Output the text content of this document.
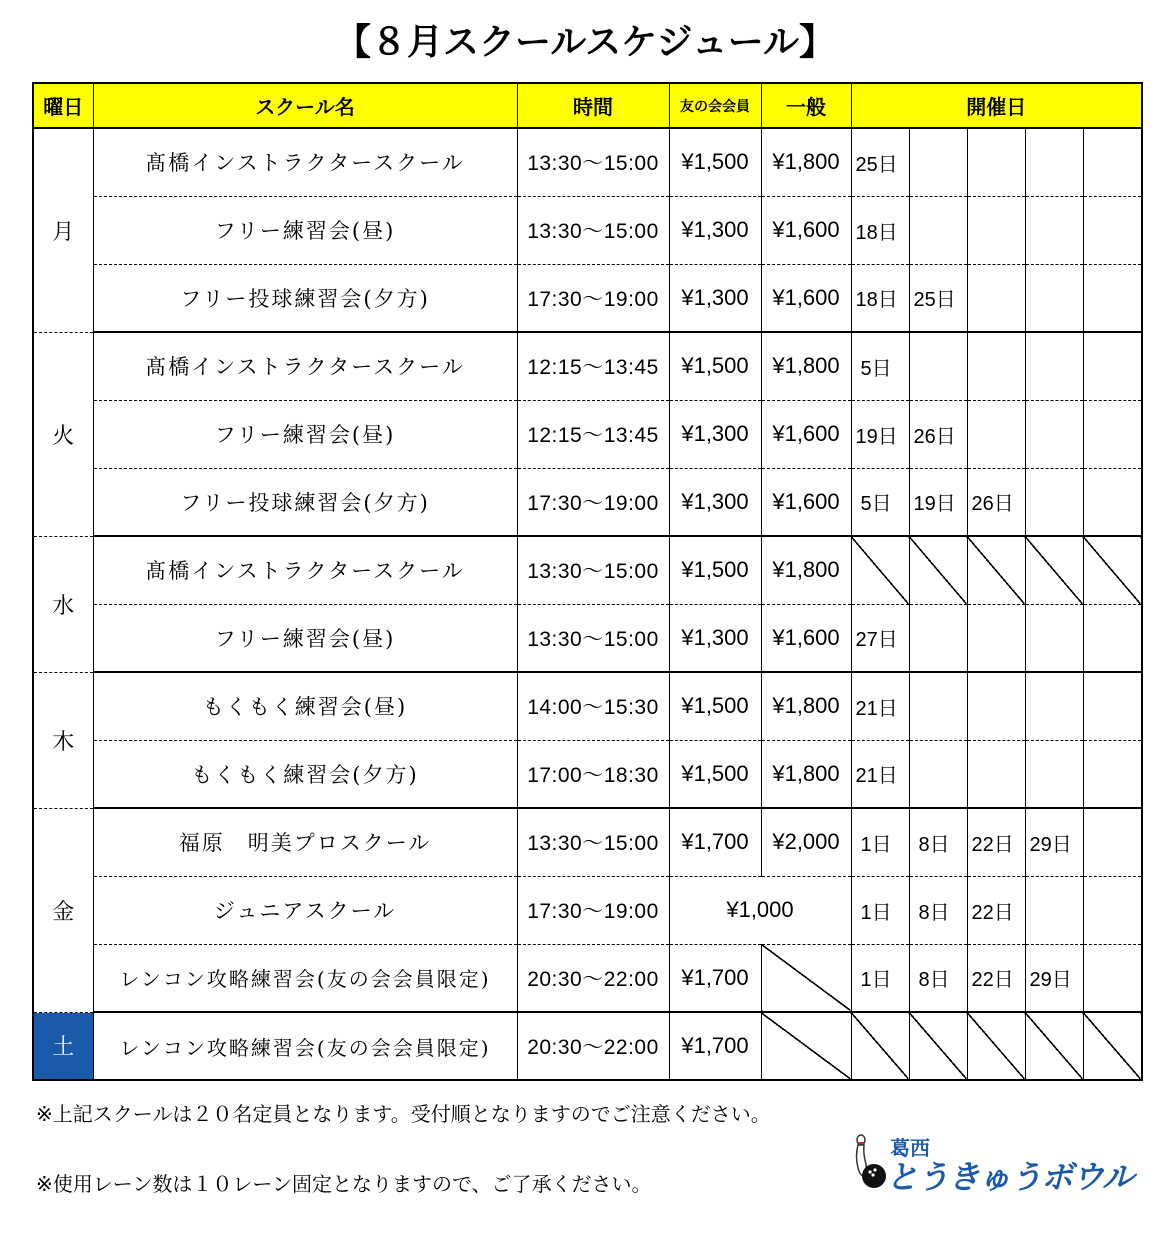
【８月スクールスケジュール】
曜日	スクール名	時間	友の会会員	一般	開催日				
月	髙橋インストラクタースクール	13:30〜15:00	¥1,500	¥1,800	25日				
	フリー練習会(昼)	13:30〜15:00	¥1,300	¥1,600	18日				
	フリー投球練習会(夕方)	17:30〜19:00	¥1,300	¥1,600	18日	25日			
火	髙橋インストラクタースクール	12:15〜13:45	¥1,500	¥1,800	5日				
	フリー練習会(昼)	12:15〜13:45	¥1,300	¥1,600	19日	26日			
	フリー投球練習会(夕方)	17:30〜19:00	¥1,300	¥1,600	5日	19日	26日		
水	髙橋インストラクタースクール	13:30〜15:00	¥1,500	¥1,800					
	フリー練習会(昼)	13:30〜15:00	¥1,300	¥1,600	27日				
木	もくもく練習会(昼)	14:00〜15:30	¥1,500	¥1,800	21日				
	もくもく練習会(夕方)	17:00〜18:30	¥1,500	¥1,800	21日				
金	福原　明美プロスクール	13:30〜15:00	¥1,700	¥2,000	1日	8日	22日	29日	
	ジュニアスクール	17:30〜19:00	¥1,000		1日	8日	22日		
	レンコン攻略練習会(友の会会員限定)	20:30〜22:00	¥1,700		1日	8日	22日	29日	
土	レンコン攻略練習会(友の会会員限定)	20:30〜22:00	¥1,700						
※上記スクールは２０名定員となります。受付順となりますのでご注意ください。
※使用レーン数は１０レーン固定となりますので、ご了承ください。
葛西
とうきゅうボウル
